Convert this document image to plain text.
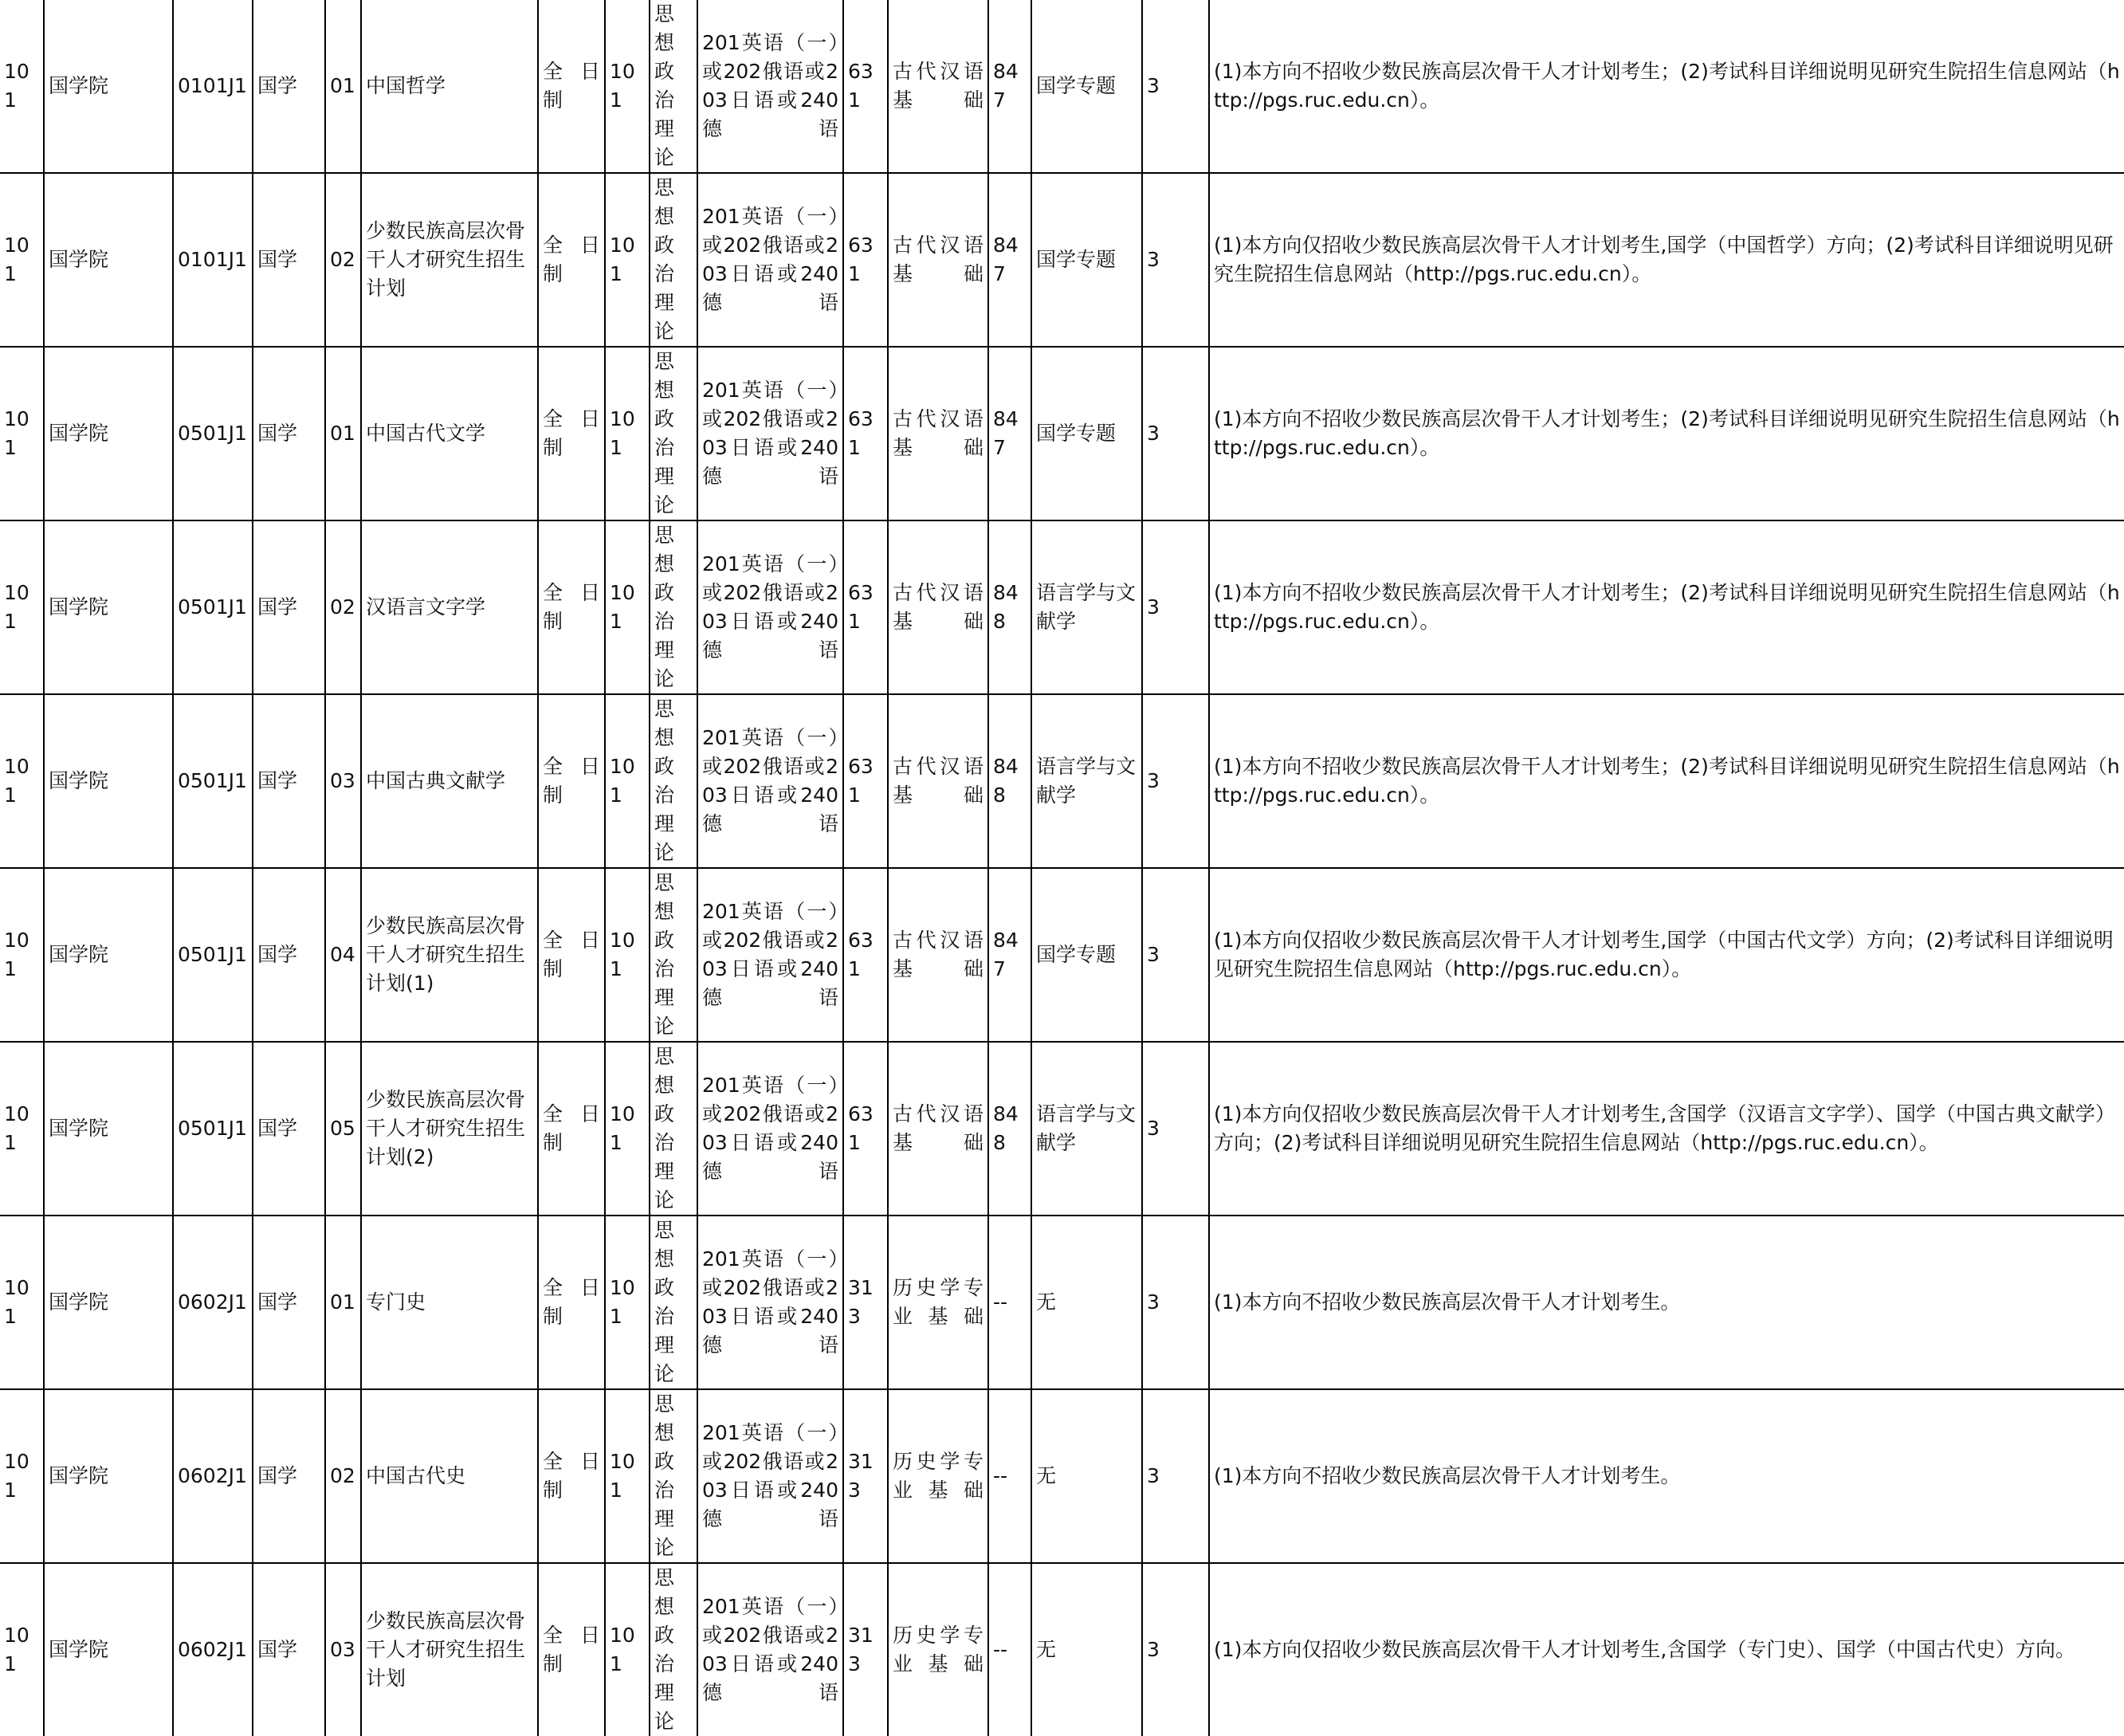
101	国学院	0101J1	国学	01	中国哲学	全日制	101	思想政治理论	201英语（一）或202俄语或203日语或240德语	631	古代汉语基础	847	国学专题	3	(1)本方向不招收少数民族高层次骨干人才计划考生；(2)考试科目详细说明见研究生院招生信息网站（http://pgs.ruc.edu.cn）。
101	国学院	0101J1	国学	02	少数民族高层次骨干人才研究生招生计划	全日制	101	思想政治理论	201英语（一）或202俄语或203日语或240德语	631	古代汉语基础	847	国学专题	3	(1)本方向仅招收少数民族高层次骨干人才计划考生,国学（中国哲学）方向；(2)考试科目详细说明见研究生院招生信息网站（http://pgs.ruc.edu.cn）。
101	国学院	0501J1	国学	01	中国古代文学	全日制	101	思想政治理论	201英语（一）或202俄语或203日语或240德语	631	古代汉语基础	847	国学专题	3	(1)本方向不招收少数民族高层次骨干人才计划考生；(2)考试科目详细说明见研究生院招生信息网站（http://pgs.ruc.edu.cn）。
101	国学院	0501J1	国学	02	汉语言文字学	全日制	101	思想政治理论	201英语（一）或202俄语或203日语或240德语	631	古代汉语基础	848	语言学与文献学	3	(1)本方向不招收少数民族高层次骨干人才计划考生；(2)考试科目详细说明见研究生院招生信息网站（http://pgs.ruc.edu.cn）。
101	国学院	0501J1	国学	03	中国古典文献学	全日制	101	思想政治理论	201英语（一）或202俄语或203日语或240德语	631	古代汉语基础	848	语言学与文献学	3	(1)本方向不招收少数民族高层次骨干人才计划考生；(2)考试科目详细说明见研究生院招生信息网站（http://pgs.ruc.edu.cn）。
101	国学院	0501J1	国学	04	少数民族高层次骨干人才研究生招生计划(1)	全日制	101	思想政治理论	201英语（一）或202俄语或203日语或240德语	631	古代汉语基础	847	国学专题	3	(1)本方向仅招收少数民族高层次骨干人才计划考生,国学（中国古代文学）方向；(2)考试科目详细说明见研究生院招生信息网站（http://pgs.ruc.edu.cn）。
101	国学院	0501J1	国学	05	少数民族高层次骨干人才研究生招生计划(2)	全日制	101	思想政治理论	201英语（一）或202俄语或203日语或240德语	631	古代汉语基础	848	语言学与文献学	3	(1)本方向仅招收少数民族高层次骨干人才计划考生,含国学（汉语言文字学）、国学（中国古典文献学）方向；(2)考试科目详细说明见研究生院招生信息网站（http://pgs.ruc.edu.cn）。
101	国学院	0602J1	国学	01	专门史	全日制	101	思想政治理论	201英语（一）或202俄语或203日语或240德语	313	历史学专业基础	--	无	3	(1)本方向不招收少数民族高层次骨干人才计划考生。
101	国学院	0602J1	国学	02	中国古代史	全日制	101	思想政治理论	201英语（一）或202俄语或203日语或240德语	313	历史学专业基础	--	无	3	(1)本方向不招收少数民族高层次骨干人才计划考生。
101	国学院	0602J1	国学	03	少数民族高层次骨干人才研究生招生计划	全日制	101	思想政治理论	201英语（一）或202俄语或203日语或240德语	313	历史学专业基础	--	无	3	(1)本方向仅招收少数民族高层次骨干人才计划考生,含国学（专门史）、国学（中国古代史）方向。
